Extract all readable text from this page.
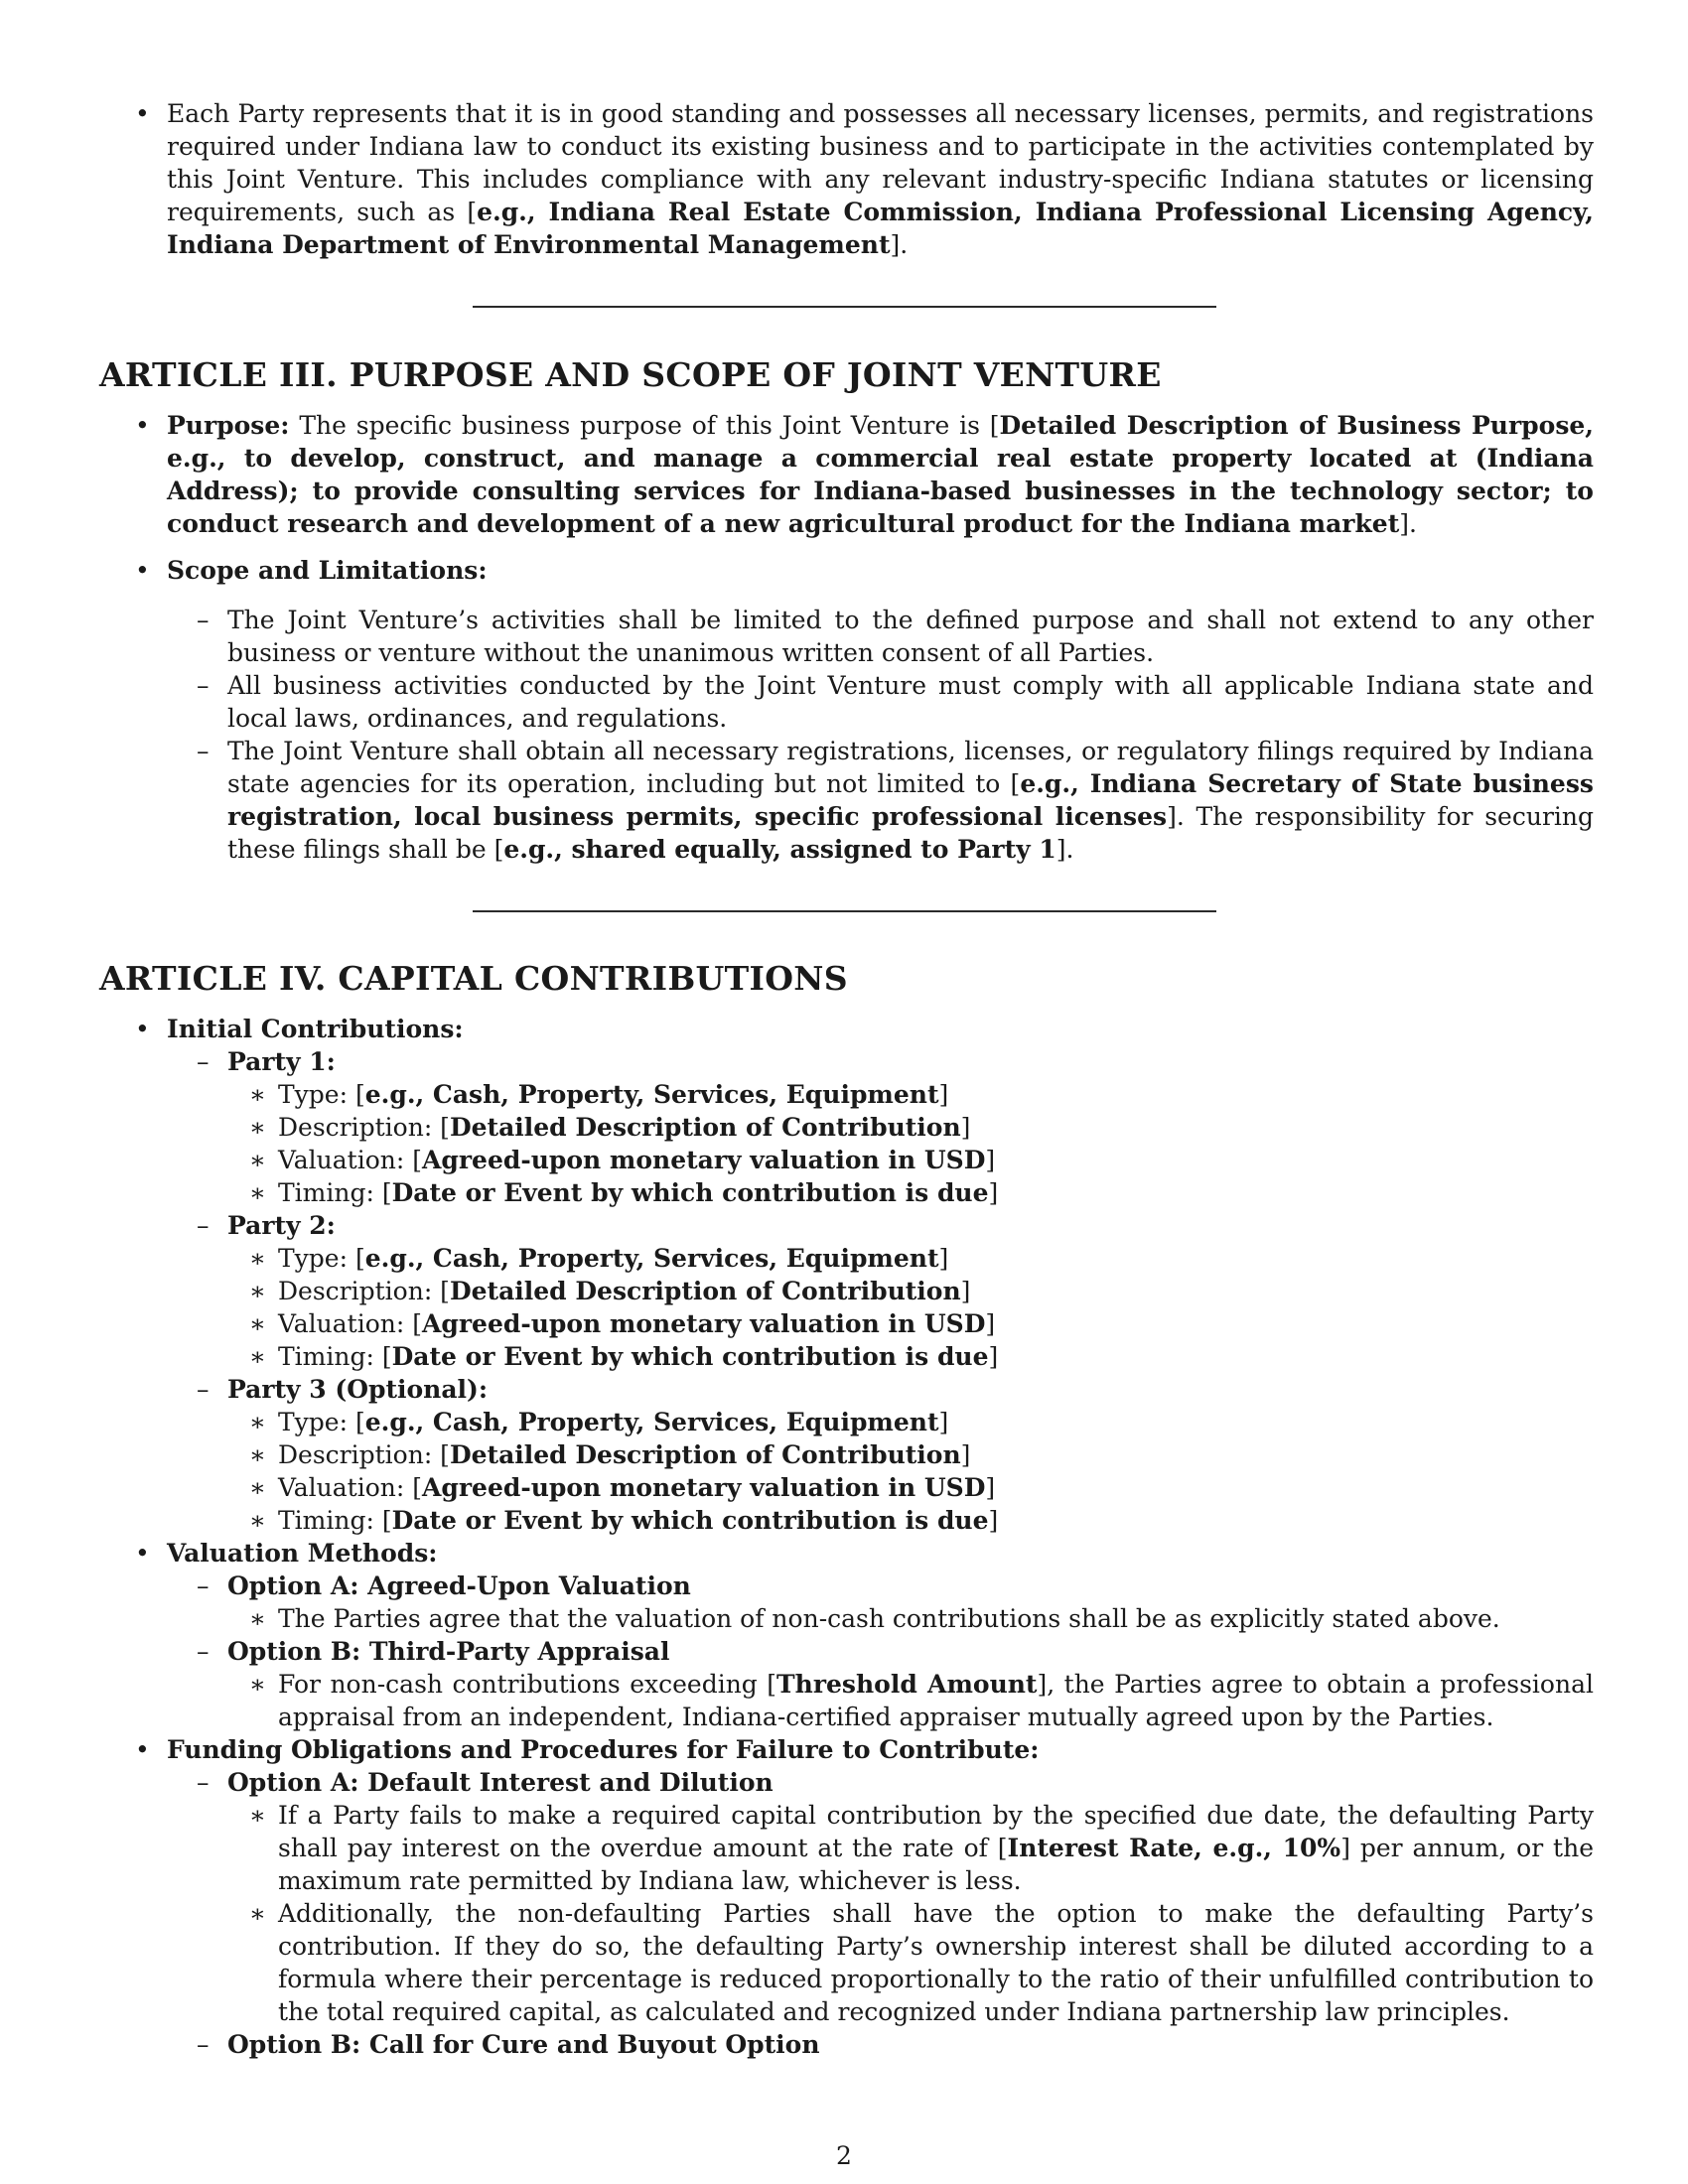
• Each Party represents that it is in good standing and possesses all necessary licenses, permits, and registrations required under Indiana law to conduct its existing business and to participate in the activities contemplated by this Joint Venture. This includes compliance with any relevant industry-specific Indiana statutes or licensing requirements, such as [e.g., Indiana Real Estate Commission, Indiana Professional Licensing Agency, Indiana Department of Environmental Management].
ARTICLE III. PURPOSE AND SCOPE OF JOINT VENTURE
• Purpose: The specific business purpose of this Joint Venture is [Detailed Description of Business Purpose, e.g., to develop, construct, and manage a commercial real estate property located at (Indiana Address); to provide consulting services for Indiana-based businesses in the technology sector; to conduct research and development of a new agricultural product for the Indiana market].
• Scope and Limitations:
– The Joint Venture’s activities shall be limited to the defined purpose and shall not extend to any other business or venture without the unanimous written consent of all Parties.
– All business activities conducted by the Joint Venture must comply with all applicable Indiana state and local laws, ordinances, and regulations.
– The Joint Venture shall obtain all necessary registrations, licenses, or regulatory filings required by Indiana state agencies for its operation, including but not limited to [e.g., Indiana Secretary of State business registration, local business permits, specific professional licenses]. The responsibility for securing these filings shall be [e.g., shared equally, assigned to Party 1].
ARTICLE IV. CAPITAL CONTRIBUTIONS
• Initial Contributions:
– Party 1:
∗ Type: [e.g., Cash, Property, Services, Equipment]
∗ Description: [Detailed Description of Contribution]
∗ Valuation: [Agreed-upon monetary valuation in USD]
∗ Timing: [Date or Event by which contribution is due]
– Party 2:
∗ Type: [e.g., Cash, Property, Services, Equipment]
∗ Description: [Detailed Description of Contribution]
∗ Valuation: [Agreed-upon monetary valuation in USD]
∗ Timing: [Date or Event by which contribution is due]
– Party 3 (Optional):
∗ Type: [e.g., Cash, Property, Services, Equipment]
∗ Description: [Detailed Description of Contribution]
∗ Valuation: [Agreed-upon monetary valuation in USD]
∗ Timing: [Date or Event by which contribution is due]
• Valuation Methods:
– Option A: Agreed-Upon Valuation
∗ The Parties agree that the valuation of non-cash contributions shall be as explicitly stated above.
– Option B: Third-Party Appraisal
∗ For non-cash contributions exceeding [Threshold Amount], the Parties agree to obtain a professional appraisal from an independent, Indiana-certified appraiser mutually agreed upon by the Parties.
• Funding Obligations and Procedures for Failure to Contribute:
– Option A: Default Interest and Dilution
∗ If a Party fails to make a required capital contribution by the specified due date, the defaulting Party shall pay interest on the overdue amount at the rate of [Interest Rate, e.g., 10%] per annum, or the maximum rate permitted by Indiana law, whichever is less.
∗ Additionally, the non-defaulting Parties shall have the option to make the defaulting Party’s contribution. If they do so, the defaulting Party’s ownership interest shall be diluted according to a formula where their percentage is reduced proportionally to the ratio of their unfulfilled contribution to the total required capital, as calculated and recognized under Indiana partnership law principles.
– Option B: Call for Cure and Buyout Option
2
